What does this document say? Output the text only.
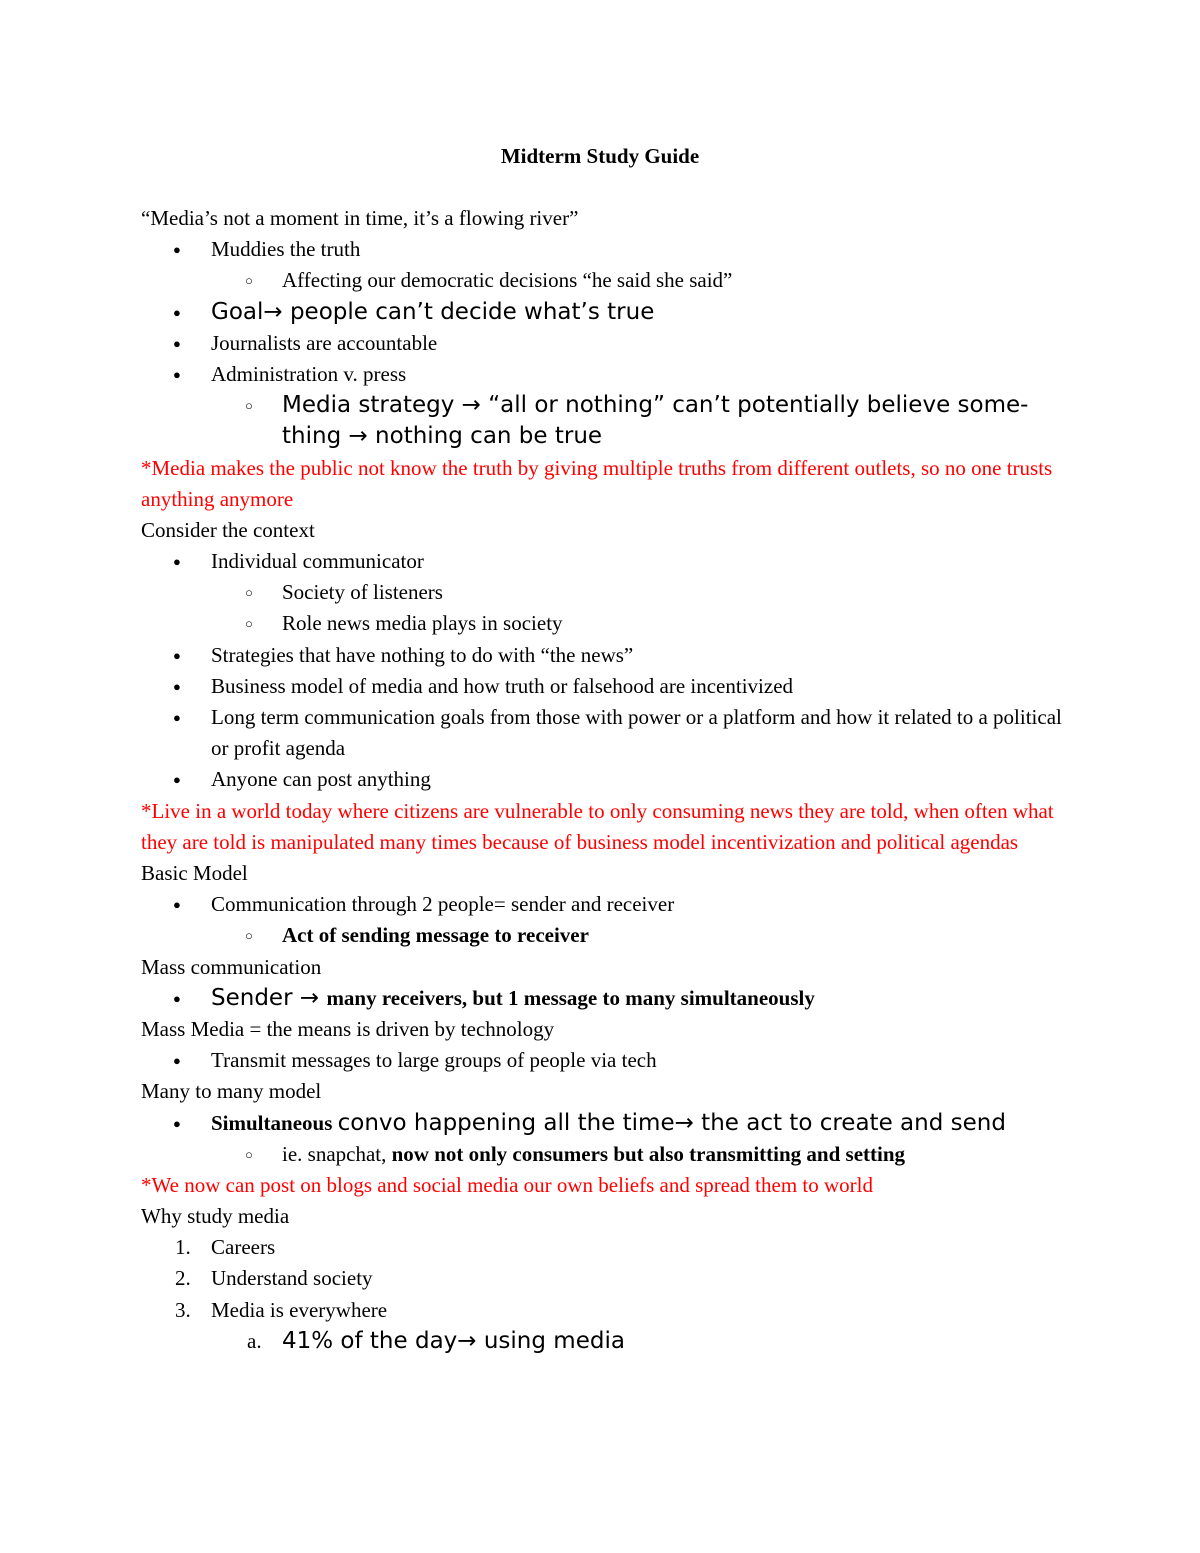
Midterm Study Guide
“Media’s not a moment in time, it’s a flowing river”
● Muddies the truth
○ Affecting our democratic decisions “he said she said”
● Goal→ people can’t decide what’s true
● Journalists are accountable
● Administration v. press
○ Media strategy → “all or nothing” can’t potentially believe some-
thing → nothing can be true
*Media makes the public not know the truth by giving multiple truths from different outlets, so no one trusts anything anymore
Consider the context
● Individual communicator
○ Society of listeners
○ Role news media plays in society
● Strategies that have nothing to do with “the news”
● Business model of media and how truth or falsehood are incentivized
● Long term communication goals from those with power or a platform and how it related to a political or profit agenda
● Anyone can post anything
*Live in a world today where citizens are vulnerable to only consuming news they are told, when often what they are told is manipulated many times because of business model incentivization and political agendas
Basic Model
● Communication through 2 people= sender and receiver
○ Act of sending message to receiver
Mass communication
● Sender → many receivers, but 1 message to many simultaneously
Mass Media = the means is driven by technology
● Transmit messages to large groups of people via tech
Many to many model
● Simultaneous convo happening all the time→ the act to create and send
○ ie. snapchat, now not only consumers but also transmitting and setting
*We now can post on blogs and social media our own beliefs and spread them to world
Why study media
1. Careers
2. Understand society
3. Media is everywhere
a. 41% of the day→ using media
